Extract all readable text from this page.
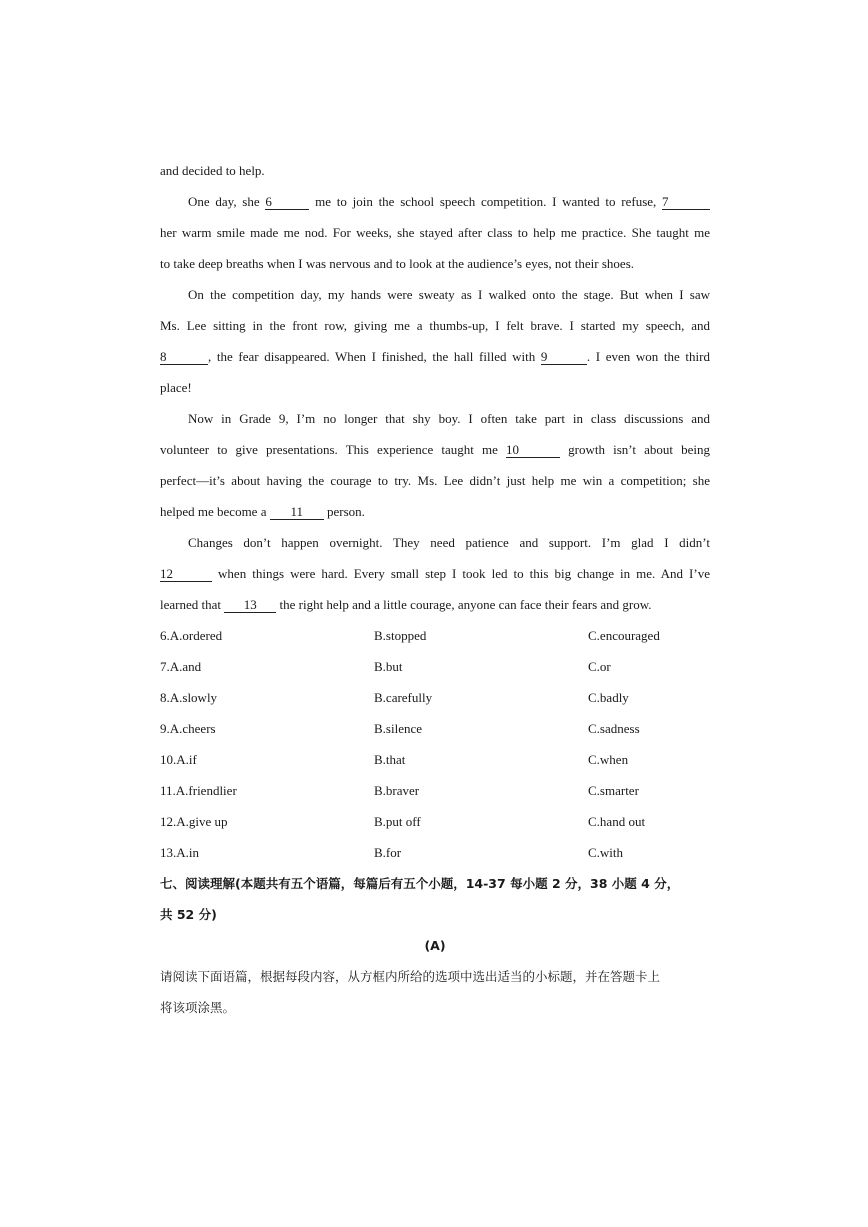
and decided to help.
One day, she 6	me to join the school speech competition. I wanted to refuse, 7
her warm smile made me nod. For weeks, she stayed after class to help me practice. She taught me
to take deep breaths when I was nervous and to look at the audience’s eyes, not their shoes.
On the competition day, my hands were sweaty as I walked onto the stage. But when I saw
Ms. Lee sitting in the front row, giving me a thumbs-up, I felt brave. I started my speech, and
8	, the fear disappeared. When I finished, the hall filled with 9	. I even won the third
place!
Now in Grade 9, I’m no longer that shy boy. I often take part in class discussions and
volunteer to give presentations. This experience taught me 10	growth isn’t about being
perfect—it’s about having the courage to try. Ms. Lee didn’t just help me win a competition; she
helped me become a 11 person.
Changes don’t happen overnight. They need patience and support. I’m glad I didn’t
12	when things were hard. Every small step I took led to this big change in me. And I’ve
learned that 13 the right help and a little courage, anyone can face their fears and grow.
6.A.ordered	B.stopped	C.encouraged
7.A.and	B.but	C.or
8.A.slowly	B.carefully	C.badly
9.A.cheers	B.silence	C.sadness
10.A.if	B.that	C.when
11.A.friendlier	B.braver	C.smarter
12.A.give up	B.put off	C.hand out
13.A.in	B.for	C.with
七、阅读理解(本题共有五个语篇，每篇后有五个小题，14-37 每小题 2 分，38 小题 4 分，
共 52 分)
(A)
请阅读下面语篇，根据每段内容，从方框内所给的选项中选出适当的小标题，并在答题卡上
将该项涂黑。
